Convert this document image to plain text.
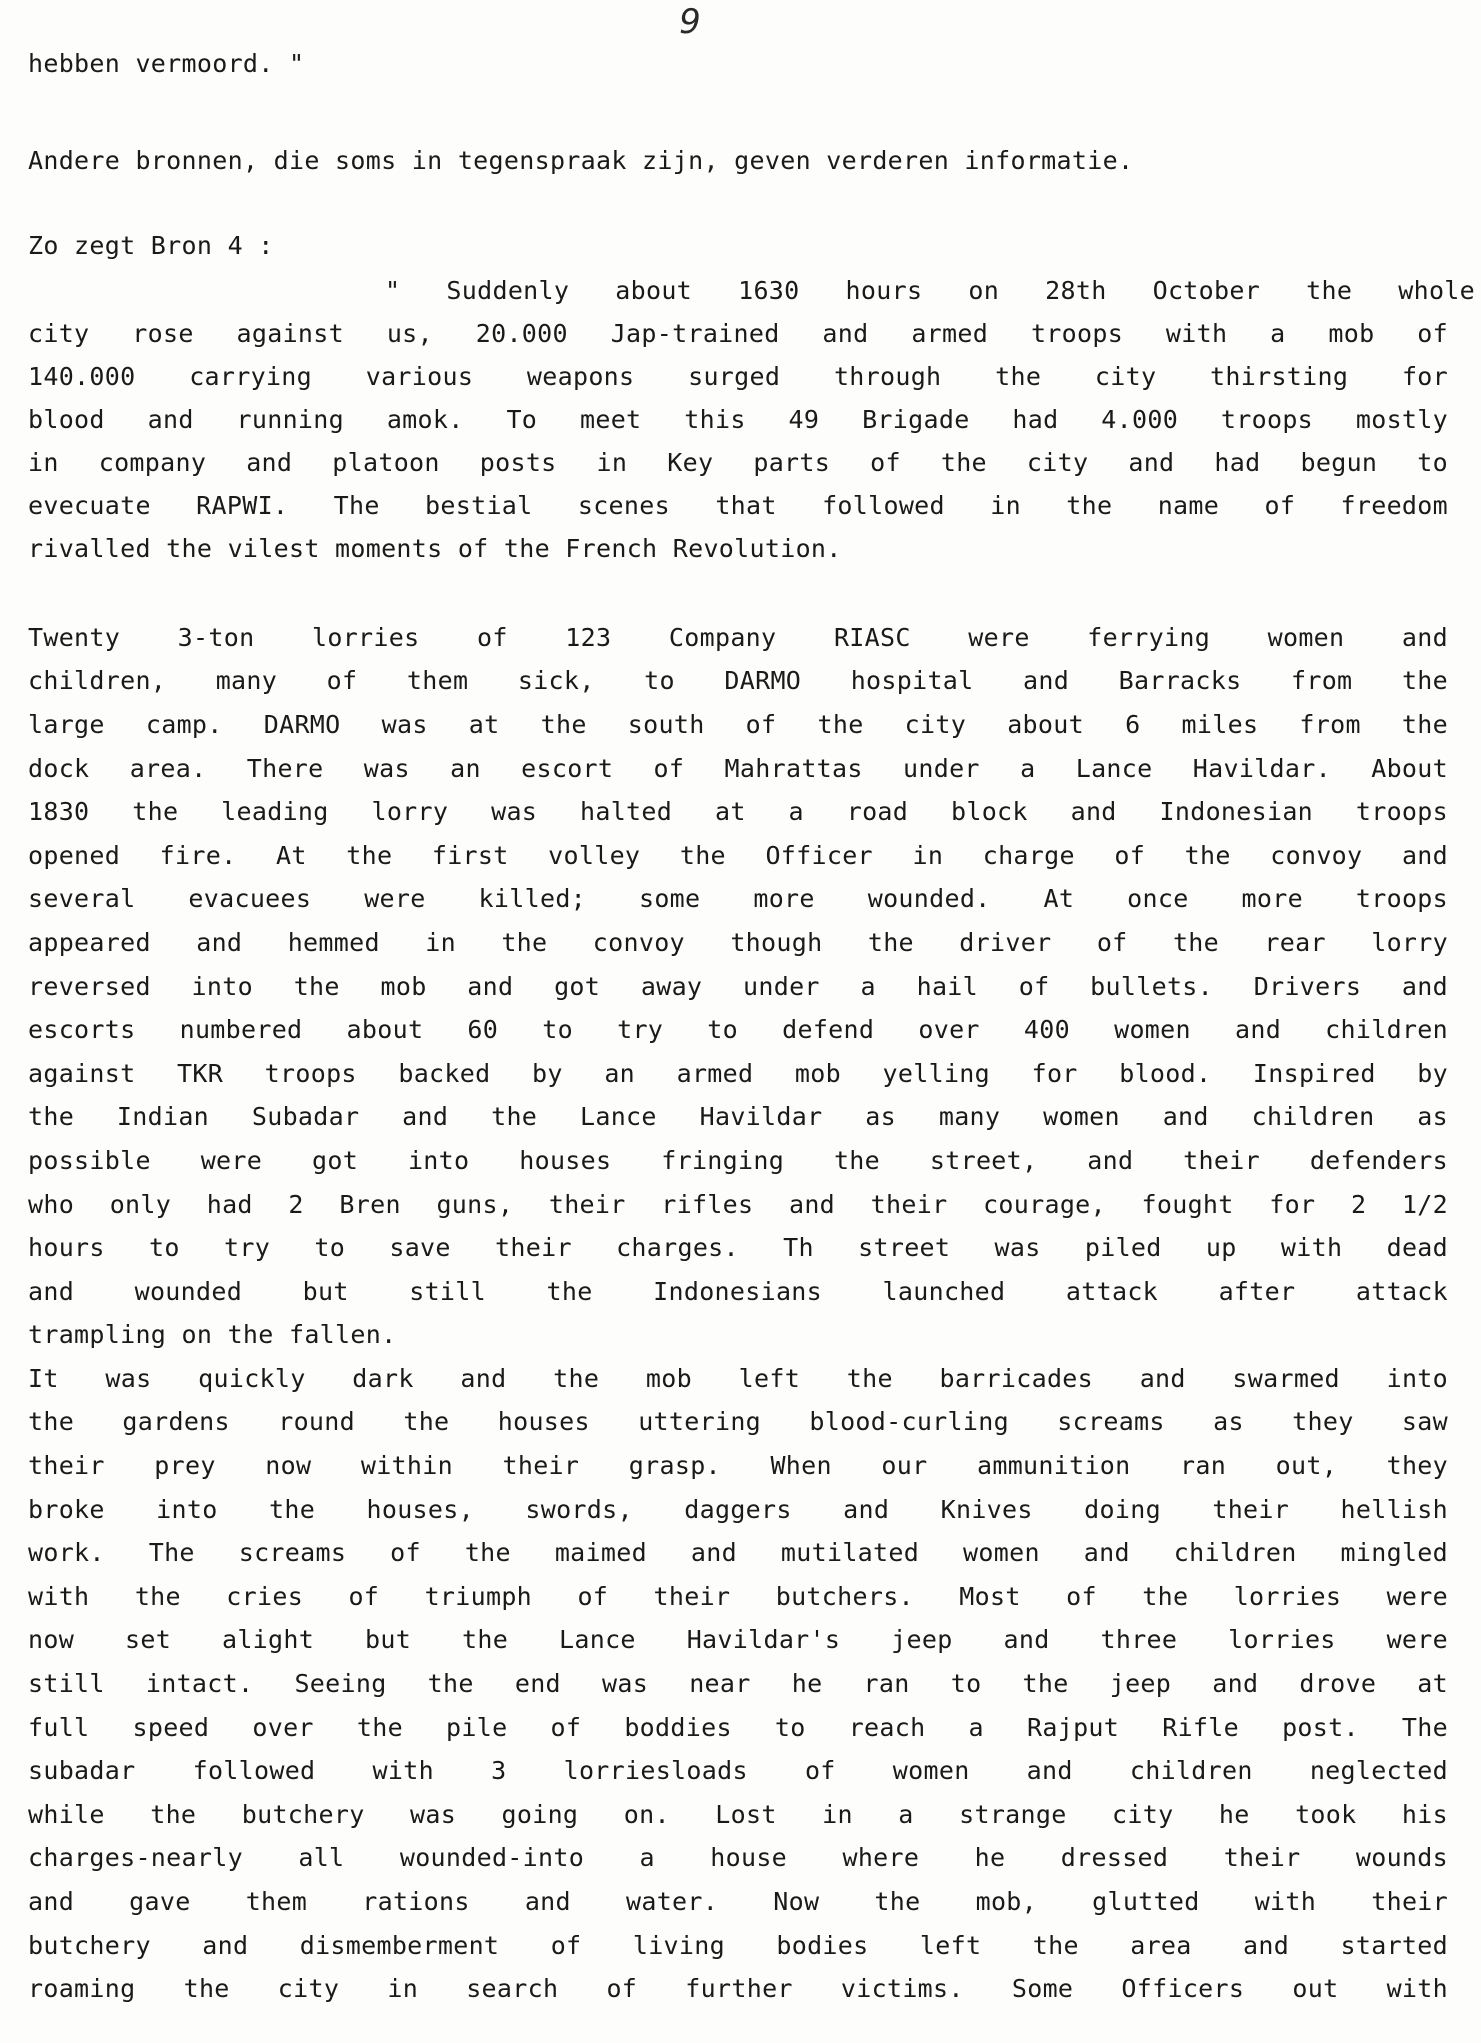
9
hebben vermoord. "
Andere bronnen, die soms in tegenspraak zijn, geven verderen informatie.
Zo zegt Bron 4 :
" Suddenly about 1630 hours on 28th October the whole
city rose against us, 20.000 Jap-trained and armed troops with a mob of
140.000 carrying various weapons surged through the city thirsting for
blood and running amok. To meet this 49 Brigade had 4.000 troops mostly
in company and platoon posts in Key parts of the city and had begun to
evecuate RAPWI. The bestial scenes that followed in the name of freedom
rivalled the vilest moments of the French Revolution.
Twenty 3-ton lorries of 123 Company RIASC were ferrying women and
children, many of them sick, to DARMO hospital and Barracks from the
large camp. DARMO was at the south of the city about 6 miles from the
dock area. There was an escort of Mahrattas under a Lance Havildar. About
1830 the leading lorry was halted at a road block and Indonesian troops
opened fire. At the first volley the Officer in charge of the convoy and
several evacuees were killed; some more wounded. At once more troops
appeared and hemmed in the convoy though the driver of the rear lorry
reversed into the mob and got away under a hail of bullets. Drivers and
escorts numbered about 60 to try to defend over 400 women and children
against TKR troops backed by an armed mob yelling for blood. Inspired by
the Indian Subadar and the Lance Havildar as many women and children as
possible were got into houses fringing the street, and their defenders
who only had 2 Bren guns, their rifles and their courage, fought for 2 1/2
hours to try to save their charges. Th street was piled up with dead
and wounded but still the Indonesians launched attack after attack
trampling on the fallen.
It was quickly dark and the mob left the barricades and swarmed into
the gardens round the houses uttering blood-curling screams as they saw
their prey now within their grasp. When our ammunition ran out, they
broke into the houses, swords, daggers and Knives doing their hellish
work. The screams of the maimed and mutilated women and children mingled
with the cries of triumph of their butchers. Most of the lorries were
now set alight but the Lance Havildar's jeep and three lorries were
still intact. Seeing the end was near he ran to the jeep and drove at
full speed over the pile of boddies to reach a Rajput Rifle post. The
subadar followed with 3 lorriesloads of women and children neglected
while the butchery was going on. Lost in a strange city he took his
charges-nearly all wounded-into a house where he dressed their wounds
and gave them rations and water. Now the mob, glutted with their
butchery and dismemberment of living bodies left the area and started
roaming the city in search of further victims. Some Officers out with
